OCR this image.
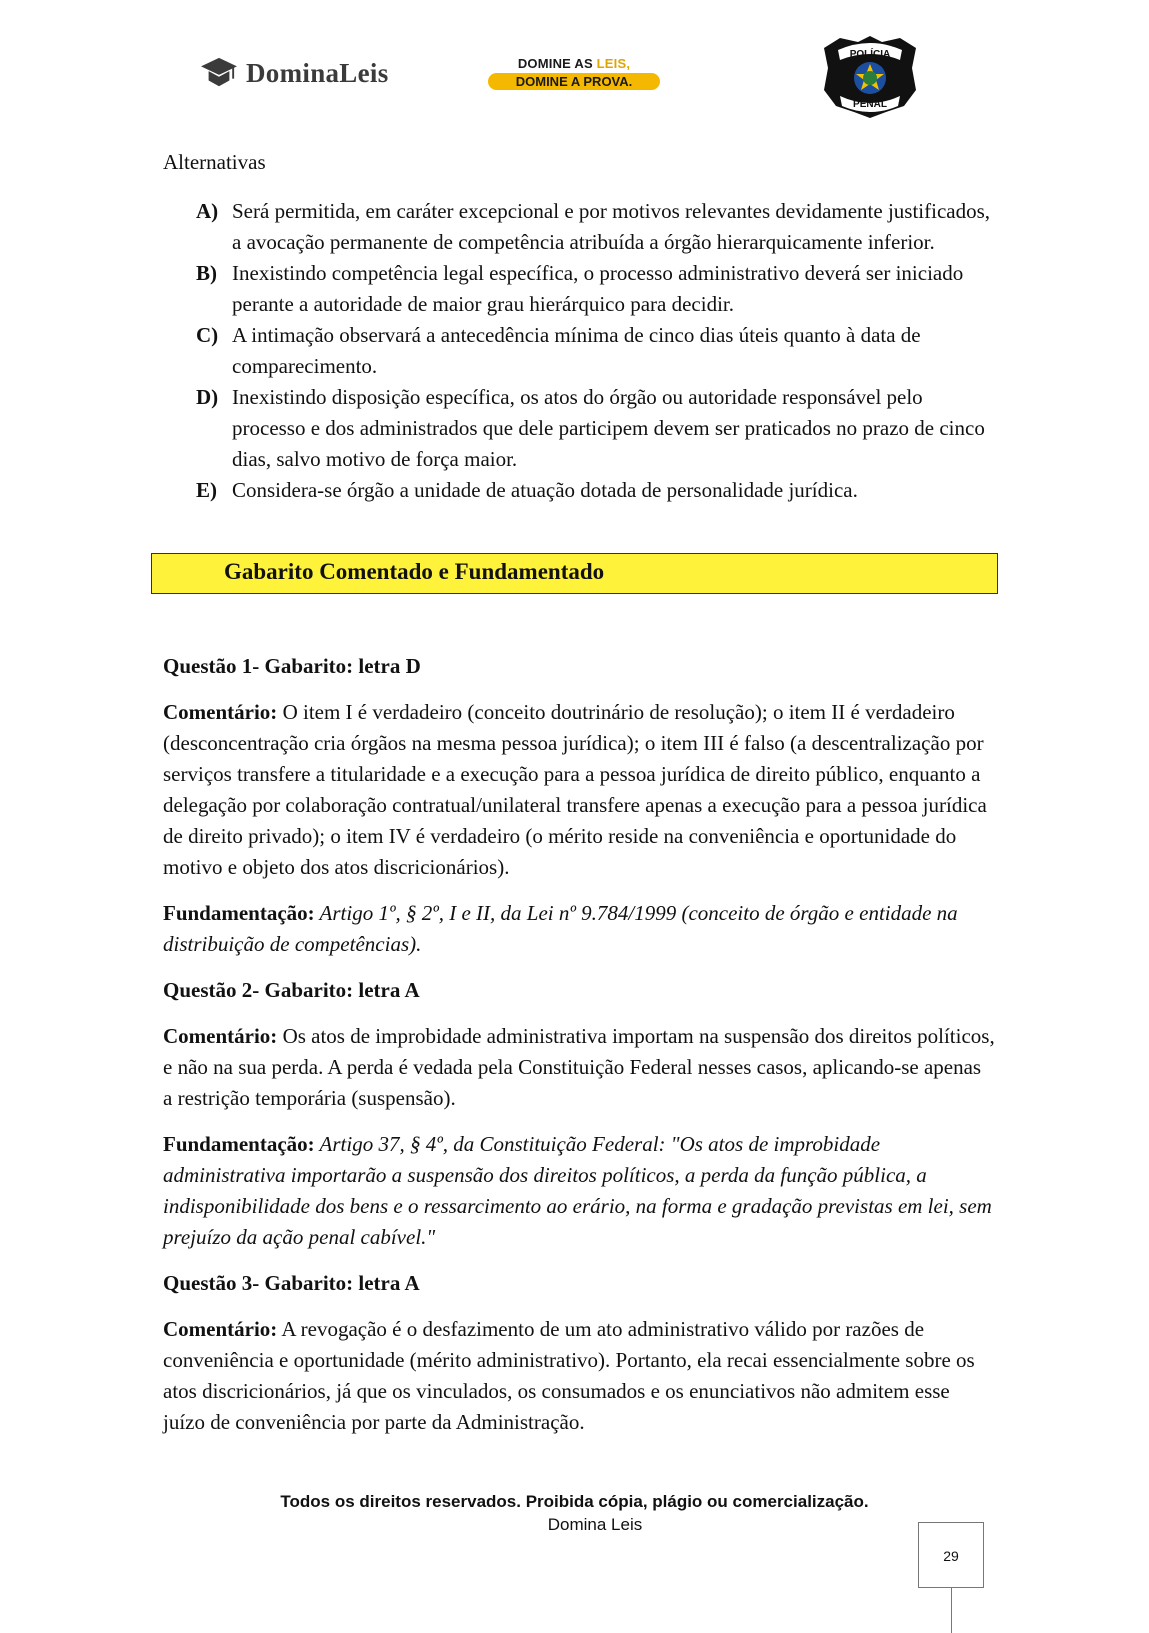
DominaLeis	DOMINE AS LEIS,
DOMINE A PROVA.
POLÍCIA
PENAL
Alternativas
A) Será permitida, em caráter excepcional e por motivos relevantes devidamente justificados, a avocação permanente de competência atribuída a órgão hierarquicamente inferior.
B) Inexistindo competência legal específica, o processo administrativo deverá ser iniciado perante a autoridade de maior grau hierárquico para decidir.
C) A intimação observará a antecedência mínima de cinco dias úteis quanto à data de comparecimento.
D) Inexistindo disposição específica, os atos do órgão ou autoridade responsável pelo processo e dos administrados que dele participem devem ser praticados no prazo de cinco dias, salvo motivo de força maior.
E) Considera-se órgão a unidade de atuação dotada de personalidade jurídica.
Gabarito Comentado e Fundamentado

Questão 1- Gabarito: letra D

Comentário: O item I é verdadeiro (conceito doutrinário de resolução); o item II é verdadeiro (desconcentração cria órgãos na mesma pessoa jurídica); o item III é falso (a descentralização por serviços transfere a titularidade e a execução para a pessoa jurídica de direito público, enquanto a delegação por colaboração contratual/unilateral transfere apenas a execução para a pessoa jurídica de direito privado); o item IV é verdadeiro (o mérito reside na conveniência e oportunidade do motivo e objeto dos atos discricionários).

Fundamentação: Artigo 1º, § 2º, I e II, da Lei nº 9.784/1999 (conceito de órgão e entidade na distribuição de competências).

Questão 2- Gabarito: letra A

Comentário: Os atos de improbidade administrativa importam na suspensão dos direitos políticos, e não na sua perda. A perda é vedada pela Constituição Federal nesses casos, aplicando-se apenas a restrição temporária (suspensão).

Fundamentação: Artigo 37, § 4º, da Constituição Federal: "Os atos de improbidade administrativa importarão a suspensão dos direitos políticos, a perda da função pública, a indisponibilidade dos bens e o ressarcimento ao erário, na forma e gradação previstas em lei, sem prejuízo da ação penal cabível."

Questão 3- Gabarito: letra A

Comentário: A revogação é o desfazimento de um ato administrativo válido por razões de conveniência e oportunidade (mérito administrativo). Portanto, ela recai essencialmente sobre os atos discricionários, já que os vinculados, os consumados e os enunciativos não admitem esse juízo de conveniência por parte da Administração.

Todos os direitos reservados. Proibida cópia, plágio ou comercialização.
Domina Leis
29
